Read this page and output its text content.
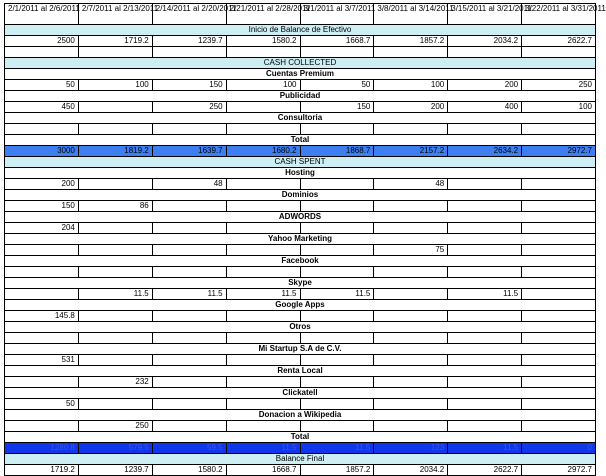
2/1/2011 al 2/6/2011	2/7/2011 al 2/13/2011	2/14/2011 al 2/20/2011	2/21/2011 al 2/28/2011	3/1/2011 al 3/7/2011	3/8/2011 al 3/14/2011	3/15/2011 al 3/21/2011	3/22/2011 al 3/31/2011
Inicio de Balance de Efectivo							
2500	1719.2	1239.7	1580.2	1668.7	1857.2	2034.2	2622.7

CASH COLLECTED							
Cuentas Premium							
50	100	150	100	50	100	200	250
Publicidad							
450		250		150	200	400	100
Consultoria							

Total							
3000	1819.2	1639.7	1680.2	1868.7	2157.2	2634.2	2972.7
CASH SPENT							
Hosting							
200		48			48		
Dominios							
150	86						
ADWORDS							
204							
Yahoo Marketing							
					75		
Facebook							

Skype							
	11.5	11.5	11.5	11.5		11.5	
Google Apps							
145.8							
Otros							

Mi Startup S.A de C.V.							
531							
Renta Local							
	232						
Clickatell							
50							
Donacion a Wikipedia							
	250						
Total							
1280.8	579.5	59.5	11.5	11.5	123	11.5	0
Balance Final							
1719.2	1239.7	1580.2	1668.7	1857.2	2034.2	2622.7	2972.7
